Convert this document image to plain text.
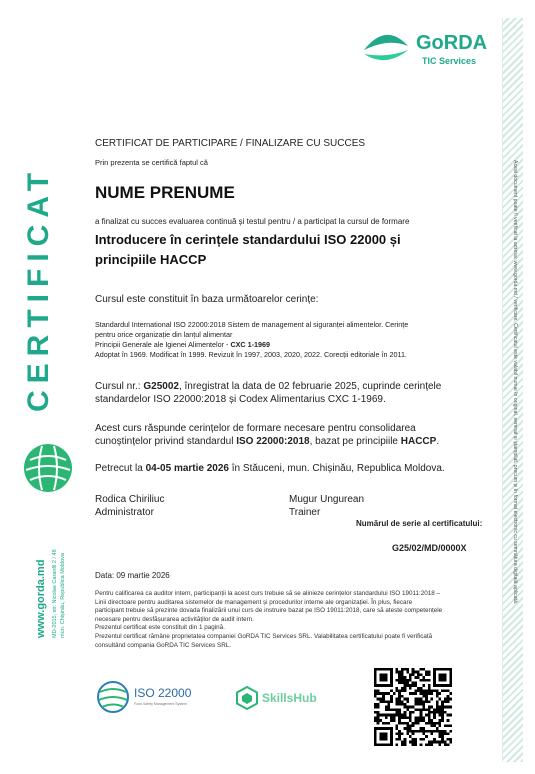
CERTIFICAT
www.gorda.md MD-2015, str. Nicolae Caranfil 2 / 48 mun. Chișinău, Republica Moldova	Acest document poate fi verificat la adresa: www.gorda.md / verificare. Certificatul este valabil numai în original, semnat și ștampilat, precum și în format electronic cu semnătura digitală aplicată.
GoRDA
TIC Services
CERTIFICAT DE PARTICIPARE / FINALIZARE CU SUCCES
Prin prezenta se certifică faptul că
NUME PRENUME
a finalizat cu succes evaluarea continuă și testul pentru / a participat la cursul de formare
Introducere în cerințele standardului ISO 22000 și
principiile HACCP
Cursul este constituit în baza următoarelor cerințe:
Standardul International ISO 22000:2018 Sistem de management al siguranței alimentelor. Cerințe
pentru orice organizație din lanțul alimentar
Principii Generale ale Igienei Alimentelor - CXC 1-1969
Adoptat în 1969. Modificat în 1999. Revizuit în 1997, 2003, 2020, 2022. Corecții editoriale în 2011.
Cursul nr.: G25002, înregistrat la data de 02 februarie 2025, cuprinde cerințele
standardelor ISO 22000:2018 și Codex Alimentarius CXC 1-1969.
Acest curs răspunde cerințelor de formare necesare pentru consolidarea
cunoștințelor privind standardul ISO 22000:2018, bazat pe principiile HACCP.
Petrecut la 04-05 martie 2026 în Stăuceni, mun. Chișinău, Republica Moldova.
Rodica Chiriliuc
Administrator
Mugur Ungurean
Trainer
Numărul de serie al certificatului:
G25/02/MD/0000X
Data: 09 martie 2026
Pentru calificarea ca auditor intern, participanții la acest curs trebuie să se alinieze cerințelor standardului ISO 19011:2018 –
Linii directoare pentru auditarea sistemelor de management și procedurilor interne ale organizației. În plus, fiecare
participant trebuie să prezinte dovada finalizării unui curs de instruire bazat pe ISO 19011:2018, care să ateste competențele
necesare pentru desfășurarea activităților de audit intern.
Prezentul certificat este constituit din 1 pagină.
Prezentul certificat rămâne proprietatea companiei GoRDA TIC Services SRL. Valabilitatea certificatului poate fi verificată
consultând compania GoRDA TIC Services SRL.
ISO 22000
Food Safety Management System	SkillsHub
